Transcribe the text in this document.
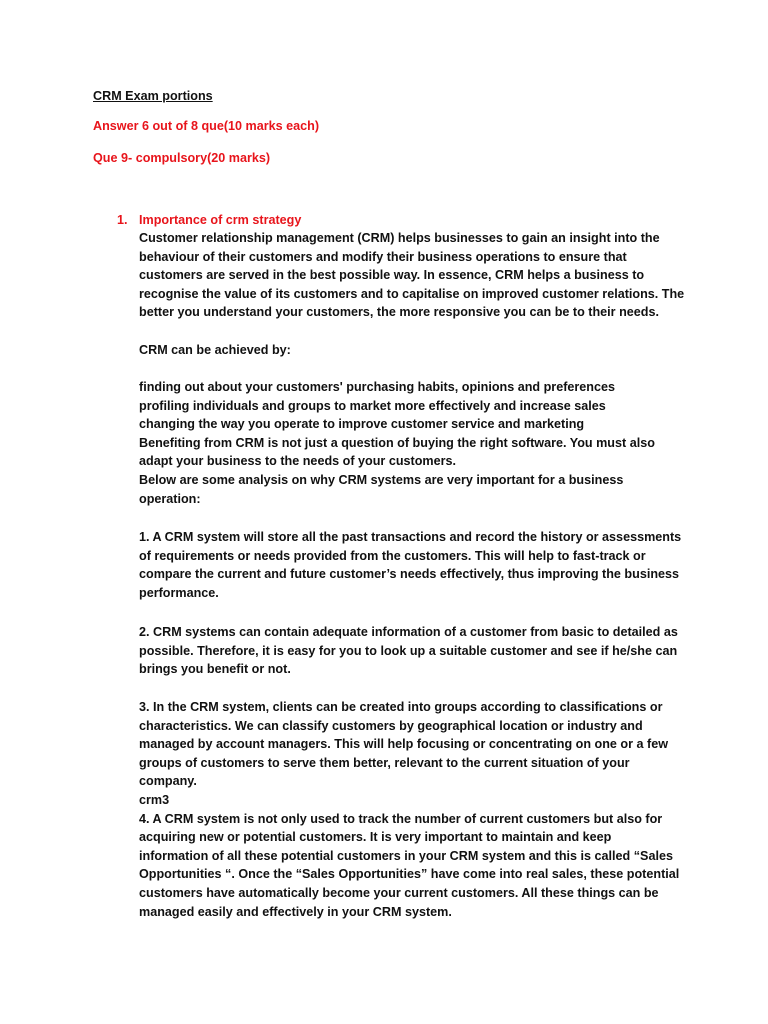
CRM Exam portions
Answer 6 out of 8 que(10 marks each)
Que 9- compulsory(20 marks)
1. Importance of crm strategy
Customer relationship management (CRM) helps businesses to gain an insight into the
behaviour of their customers and modify their business operations to ensure that
customers are served in the best possible way. In essence, CRM helps a business to
recognise the value of its customers and to capitalise on improved customer relations. The
better you understand your customers, the more responsive you can be to their needs.
CRM can be achieved by:
finding out about your customers' purchasing habits, opinions and preferences
profiling individuals and groups to market more effectively and increase sales
changing the way you operate to improve customer service and marketing
Benefiting from CRM is not just a question of buying the right software. You must also
adapt your business to the needs of your customers.
Below are some analysis on why CRM systems are very important for a business
operation:
1. A CRM system will store all the past transactions and record the history or assessments
of requirements or needs provided from the customers. This will help to fast-track or
compare the current and future customer’s needs effectively, thus improving the business
performance.
2. CRM systems can contain adequate information of a customer from basic to detailed as
possible. Therefore, it is easy for you to look up a suitable customer and see if he/she can
brings you benefit or not.
3. In the CRM system, clients can be created into groups according to classifications or
characteristics. We can classify customers by geographical location or industry and
managed by account managers. This will help focusing or concentrating on one or a few
groups of customers to serve them better, relevant to the current situation of your
company.
crm3
4. A CRM system is not only used to track the number of current customers but also for
acquiring new or potential customers. It is very important to maintain and keep
information of all these potential customers in your CRM system and this is called “Sales
Opportunities “. Once the “Sales Opportunities” have come into real sales, these potential
customers have automatically become your current customers. All these things can be
managed easily and effectively in your CRM system.
